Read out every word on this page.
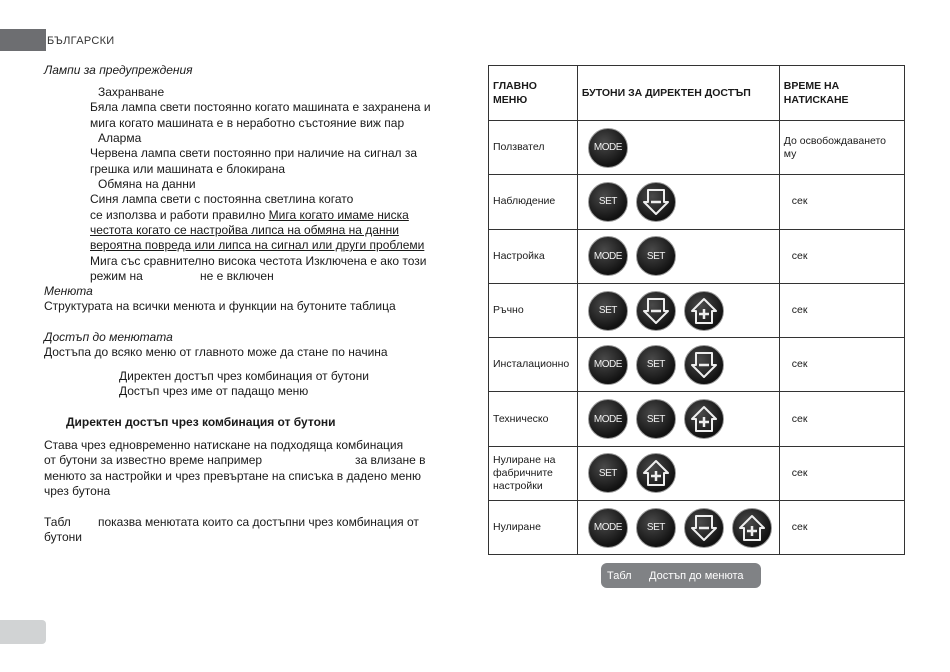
БЪЛГАРСКИ
Лампи за предупреждения
Захранване
Бяла лампа свети постоянно когато машината е захранена и
мига когато машината е в неработно състояние виж пар
Аларма
Червена лампа свети постоянно при наличие на сигнал за
грешка или машината е блокирана
Обмяна на данни
Синя лампа свети с постоянна светлина когато
се използва и работи правилно Мига когато имаме ниска
честота когато се настройва липса на обмяна на данни
вероятна повреда или липса на сигнал или други проблеми
Мига със сравнително висока честота Изключена е ако този
режим на	не е включен
Менюта
Структурата на всички менюта и функции на бутоните таблица
Достъп до менютата
Достъпа до всяко меню от главното може да стане по начина
Директен достъп чрез комбинация от бутони
Достъп чрез име от падащо меню
Директен достъп чрез комбинация от бутони
Става чрез едновременно натискане на подходяща комбинация
от бутони за известно време например	за влизане в
менюто за настройки и чрез превъртане на списъка в дадено меню
чрез бутона
Табл показва менютата които са достъпни чрез комбинация от
бутони
ГЛАВНО МЕНЮ	БУТОНИ ЗА ДИРЕКТЕН ДОСТЪП	ВРЕМЕ НА НАТИСКАНЕ
Ползвател	MODE	До освобождаването му
Наблюдение	SET	сек
Настройка	MODE SET	сек
Ръчно	SET	сек
Инсталационно	MODE SET	сек
Техническо	MODE SET	сек
Нулиране на фабричните настройки	SET	сек
Нулиране	MODE SET	сек
Табл Достъп до менюта
